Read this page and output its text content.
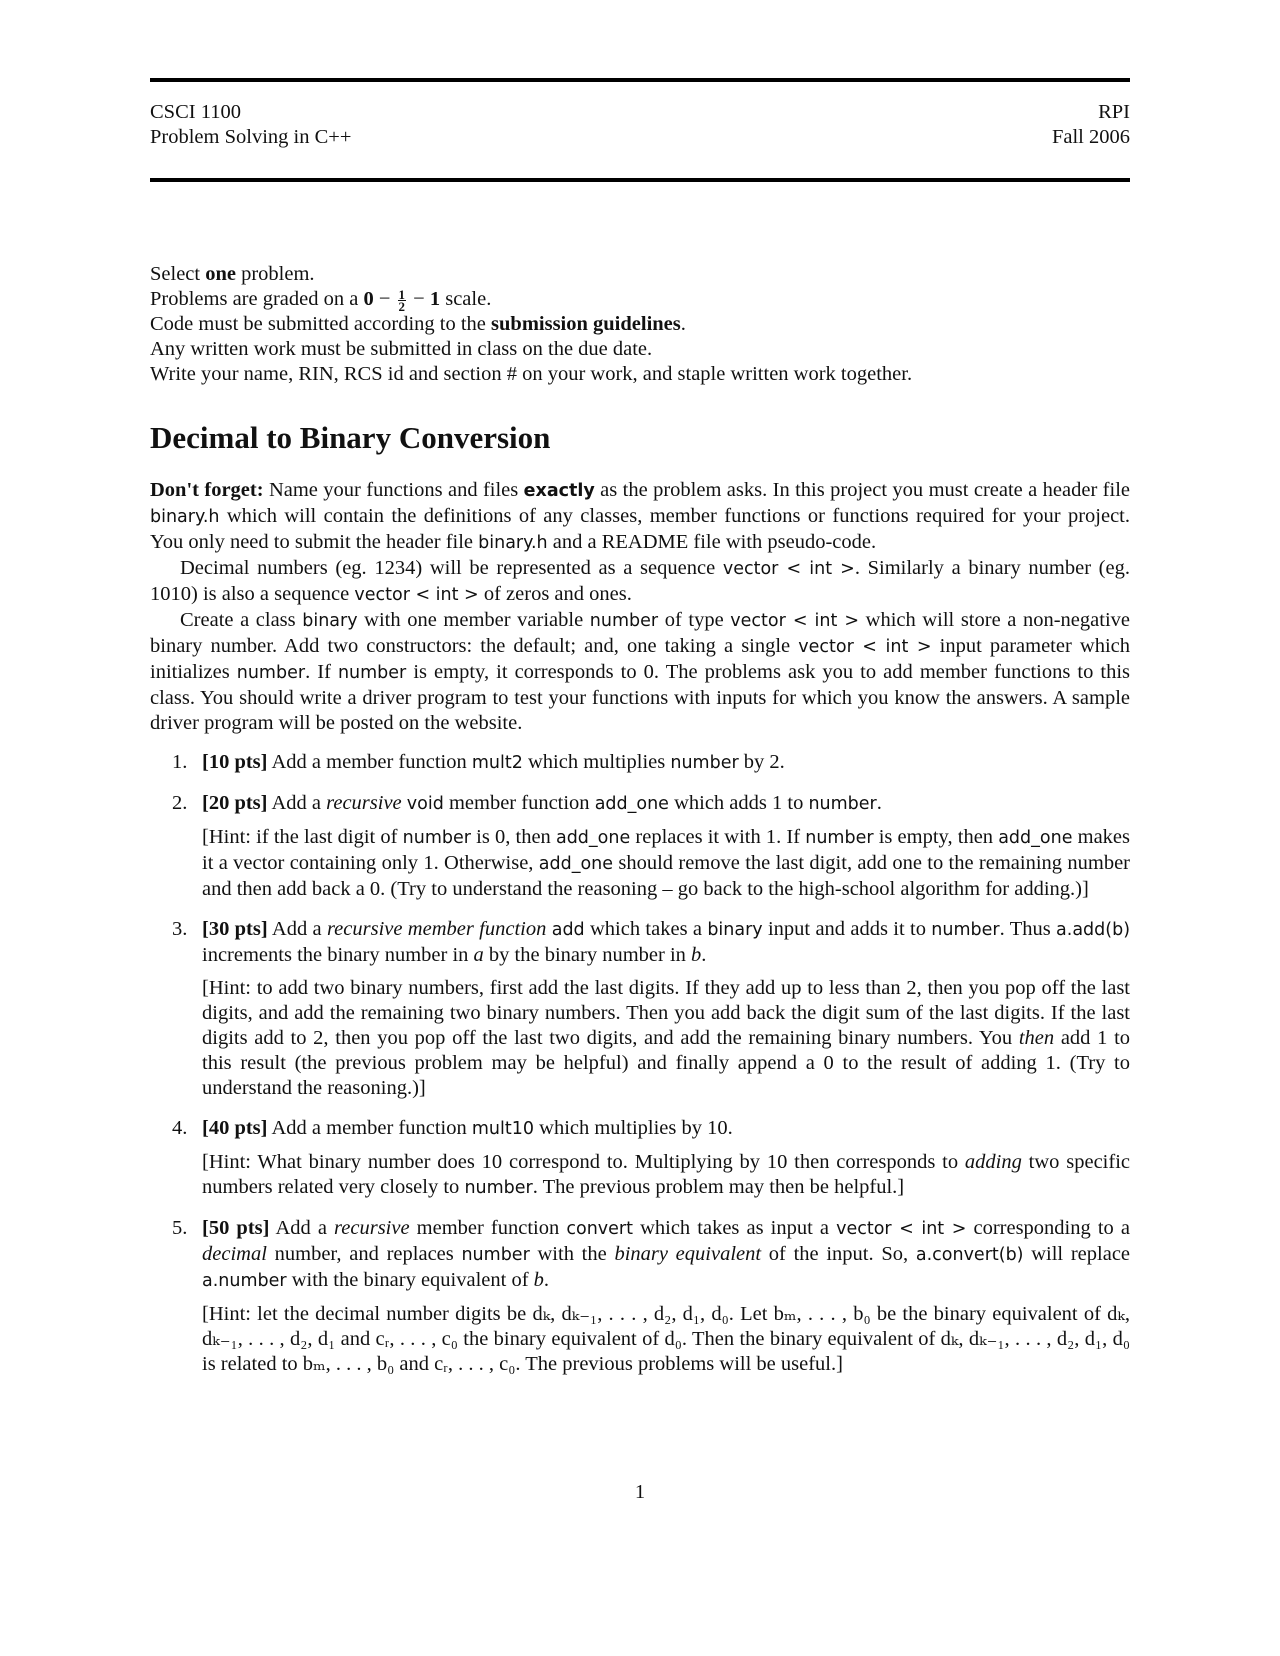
CSCI 1100
Problem Solving in C++
RPI
Fall 2006
Select one problem.
Problems are graded on a $0 - \frac{1}{2} - 1$ scale.
Code must be submitted according to the submission guidelines.
Any written work must be submitted in class on the due date.
Write your name, RIN, RCS id and section # on your work, and staple written work together.
Decimal to Binary Conversion

Don't forget: Name your functions and files exactly as the problem asks. In this project you must create a header file binary.h which will contain the definitions of any classes, member functions or functions required for your project. You only need to submit the header file binary.h and a README file with pseudo-code.

Decimal numbers (eg. 1234) will be represented as a sequence vector < int >. Similarly a binary number (eg. 1010) is also a sequence vector < int > of zeros and ones.

Create a class binary with one member variable number of type vector < int > which will store a non-negative binary number. Add two constructors: the default; and, one taking a single vector < int > input parameter which initializes number. If number is empty, it corresponds to 0. The problems ask you to add member functions to this class. You should write a driver program to test your functions with inputs for which you know the answers. A sample driver program will be posted on the website.

1. [10 pts] Add a member function mult2 which multiplies number by 2.

2. [20 pts] Add a recursive void member function add_one which adds 1 to number.

[Hint: if the last digit of number is 0, then add_one replaces it with 1. If number is empty, then add_one makes it a vector containing only 1. Otherwise, add_one should remove the last digit, add one to the remaining number and then add back a 0. (Try to understand the reasoning – go back to the high-school algorithm for adding.)]

3. [30 pts] Add a recursive member function add which takes a binary input and adds it to number. Thus a.add(b) increments the binary number in a by the binary number in b.

[Hint: to add two binary numbers, first add the last digits. If they add up to less than 2, then you pop off the last digits, and add the remaining two binary numbers. Then you add back the digit sum of the last digits. If the last digits add to 2, then you pop off the last two digits, and add the remaining binary numbers. You then add 1 to this result (the previous problem may be helpful) and finally append a 0 to the result of adding 1. (Try to understand the reasoning.)]

4. [40 pts] Add a member function mult10 which multiplies by 10.

[Hint: What binary number does 10 correspond to. Multiplying by 10 then corresponds to adding two specific numbers related very closely to number. The previous problem may then be helpful.]

5. [50 pts] Add a recursive member function convert which takes as input a vector < int > corresponding to a decimal number, and replaces number with the binary equivalent of the input. So, a.convert(b) will replace a.number with the binary equivalent of b.

[Hint: let the decimal number digits be dₖ, dₖ₋₁, . . . , d₂, d₁, d₀. Let bₘ, . . . , b₀ be the binary equivalent of dₖ, dₖ₋₁, . . . , d₂, d₁ and cᵣ, . . . , c₀ the binary equivalent of d₀. Then the binary equivalent of dₖ, dₖ₋₁, . . . , d₂, d₁, d₀ is related to bₘ, . . . , b₀ and cᵣ, . . . , c₀. The previous problems will be useful.]

1
